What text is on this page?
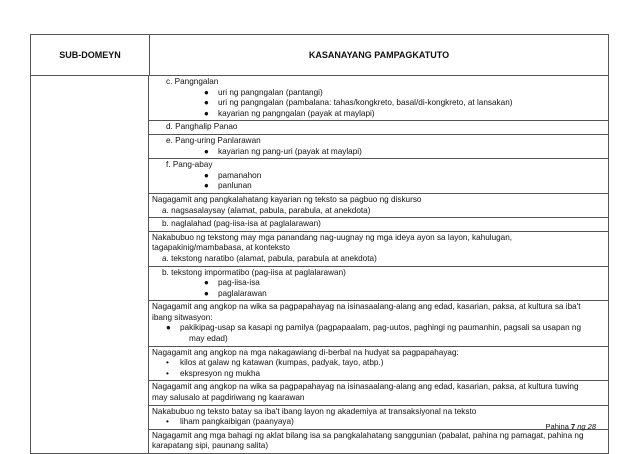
SUB-DOMEYN	KASANAYANG PAMPAGKATUTO
c. Pangngalan
● uri ng pangngalan (pantangi)
● uri ng pangngalan (pambalana: tahas/kongkreto, basal/di-kongkreto, at lansakan)
● kayarian ng pangngalan (payak at maylapi)
d. Panghalip Panao
e. Pang-uring Panlarawan
● kayarian ng pang-uri (payak at maylapi)
f. Pang-abay
● pamanahon
● panlunan
Nagagamit ang pangkalahatang kayarian ng teksto sa pagbuo ng diskurso
a. nagsasalaysay (alamat, pabula, parabula, at anekdota)
b. naglalahad (pag-iisa-isa at paglalarawan)
Nakabubuo ng tekstong may mga panandang nag-uugnay ng mga ideya ayon sa layon, kahulugan,
tagapakinig/mambabasa, at konteksto
a. tekstong naratibo (alamat, pabula, parabula at anekdota)
b. tekstong impormatibo (pag-iisa at paglalarawan)
● pag-iisa-isa
● paglalarawan
Nagagamit ang angkop na wika sa pagpapahayag na isinasaalang-alang ang edad, kasarian, paksa, at kultura sa iba't
ibang sitwasyon:
● pakikipag-usap sa kasapi ng pamilya (pagpapaalam, pag-uutos, paghingi ng paumanhin, pagsali sa usapan ng
may edad)
Nagagamit ang angkop na mga nakagawiang di-berbal na hudyat sa pagpapahayag:
• kilos at galaw ng katawan (kumpas, padyak, tayo, atbp.)
• ekspresyon ng mukha
Nagagamit ang angkop na wika sa pagpapahayag na isinasaalang-alang ang edad, kasarian, paksa, at kultura tuwing
may salusalo at pagdiriwang ng kaarawan
Nakabubuo ng teksto batay sa iba't ibang layon ng akademiya at transaksiyonal na teksto
• liham pangkaibigan (paanyaya)
Nagagamit ang mga bahagi ng aklat bilang isa sa pangkalahatang sanggunian (pabalat, pahina ng pamagat, pahina ng
karapatang sipi, paunang salita)
Pahina 7 ng 28
